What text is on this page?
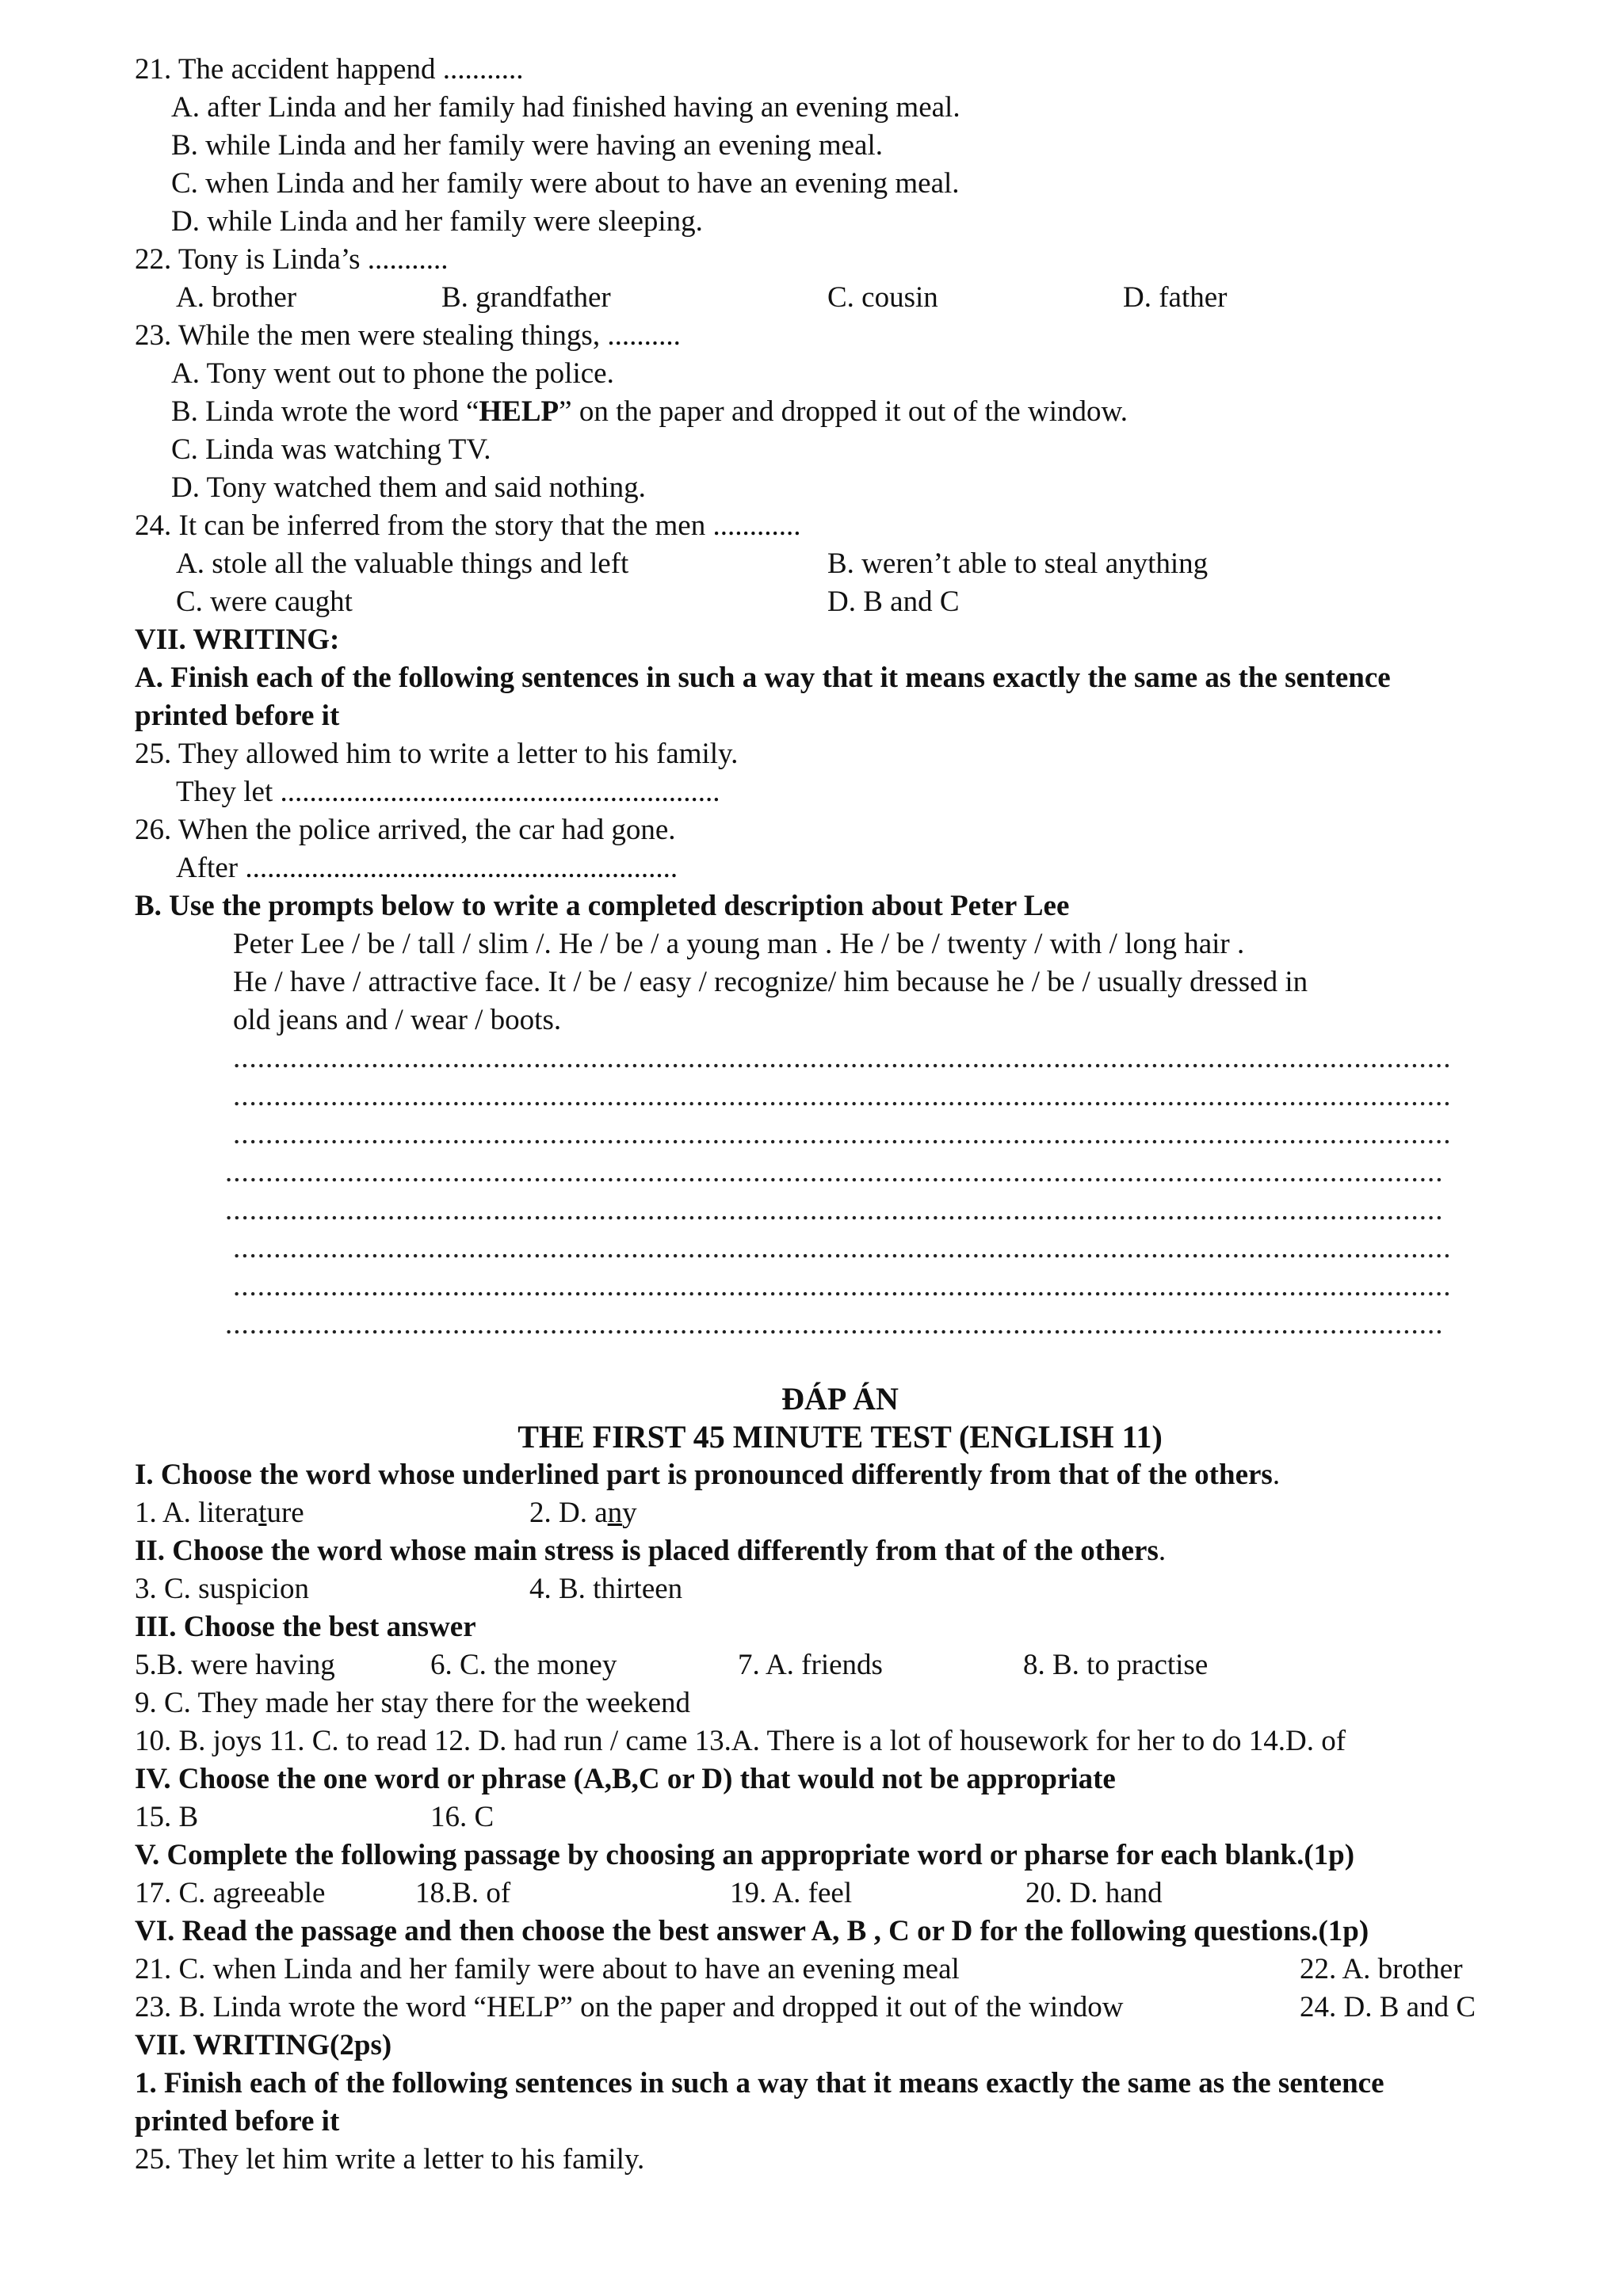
21. The accident happend ...........
A. after Linda and her family had finished having an evening meal.
B. while Linda and her family were having an evening meal.
C. when Linda and her family were about to have an evening meal.
D. while Linda and her family were sleeping.
22. Tony is Linda’s ...........
A. brother	B. grandfather	C. cousin	D. father
23. While the men were stealing things, ..........
A. Tony went out to phone the police.
B. Linda wrote the word “HELP” on the paper and dropped it out of the window.
C. Linda was watching TV.
D. Tony watched them and said nothing.
24. It can be inferred from the story that the men ............
A. stole all the valuable things and left	B. weren’t able to steal anything
C. were caught	D. B and C
VII. WRITING:
A. Finish each of the following sentences in such a way that it means exactly the same as the sentence
printed before it
25. They allowed him to write a letter to his family.
They let ............................................................
26. When the police arrived, the car had gone.
After ...........................................................
B. Use the prompts below to write a completed description about Peter Lee
Peter Lee / be / tall / slim /. He / be / a young man . He / be / twenty / with / long hair .
He / have / attractive face. It / be / easy / recognize/ him because he / be / usually dressed in
old jeans and / wear / boots.
......................................................................................................................................................
......................................................................................................................................................
......................................................................................................................................................
......................................................................................................................................................
......................................................................................................................................................
......................................................................................................................................................
......................................................................................................................................................
......................................................................................................................................................
ĐÁP ÁN
THE FIRST 45 MINUTE TEST (ENGLISH 11)
I. Choose the word whose underlined part is pronounced differently from that of the others.
1. A. literature	2. D. any
II. Choose the word whose main stress is placed differently from that of the others.
3. C. suspicion	4. B. thirteen
III. Choose the best answer
5.B. were having	6. C. the money	7. A. friends	8. B. to practise
9. C. They made her stay there for the weekend
10. B. joys 11. C. to read 12. D. had run / came 13.A. There is a lot of housework for her to do 14.D. of
IV. Choose the one word or phrase (A,B,C or D) that would not be appropriate
15. B	16. C
V. Complete the following passage by choosing an appropriate word or pharse for each blank.(1p)
17. C. agreeable	18.B. of	19. A. feel	20. D. hand
VI. Read the passage and then choose the best answer A, B , C or D for the following questions.(1p)
21. C. when Linda and her family were about to have an evening meal	22. A. brother
23. B. Linda wrote the word “HELP” on the paper and dropped it out of the window	24. D. B and C
VII. WRITING(2ps)
1. Finish each of the following sentences in such a way that it means exactly the same as the sentence
printed before it
25. They let him write a letter to his family.
